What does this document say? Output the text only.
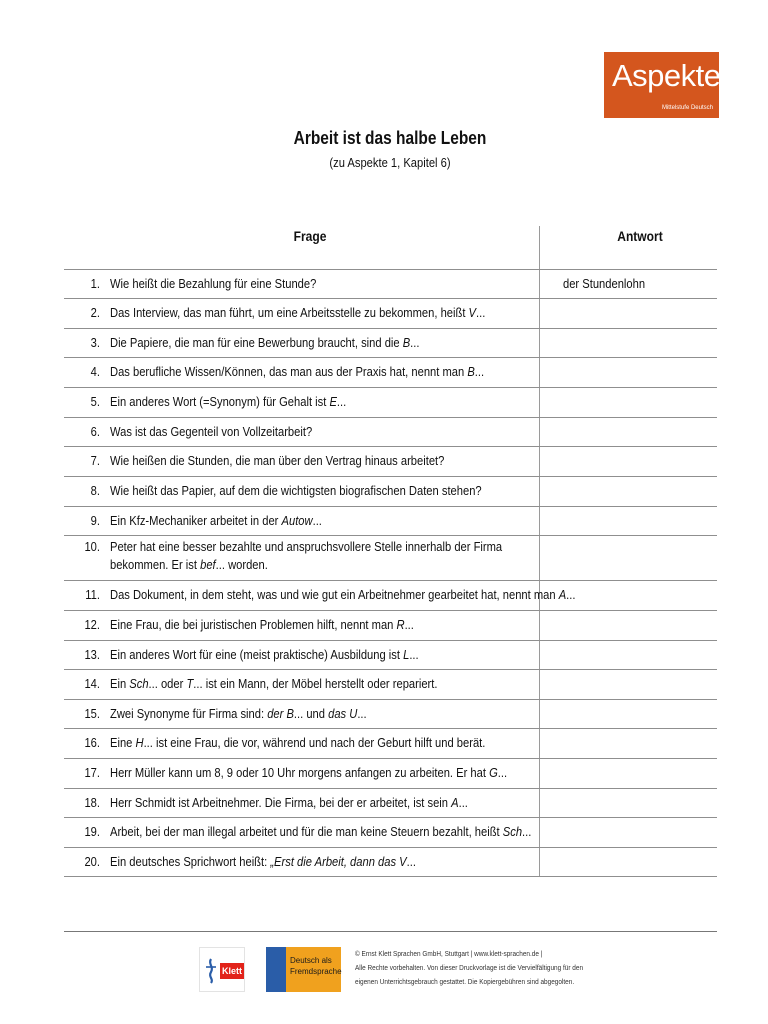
Aspekte
Mittelstufe Deutsch
Arbeit ist das halbe Leben
(zu Aspekte 1, Kapitel 6)
Frage	Antwort
1. Wie heißt die Bezahlung für eine Stunde?	der Stundenlohn
2. Das Interview, das man führt, um eine Arbeitsstelle zu bekommen, heißt V...
3. Die Papiere, die man für eine Bewerbung braucht, sind die B...
4. Das berufliche Wissen/Können, das man aus der Praxis hat, nennt man B...
5. Ein anderes Wort (=Synonym) für Gehalt ist E...
6. Was ist das Gegenteil von Vollzeitarbeit?
7. Wie heißen die Stunden, die man über den Vertrag hinaus arbeitet?
8. Wie heißt das Papier, auf dem die wichtigsten biografischen Daten stehen?
9. Ein Kfz-Mechaniker arbeitet in der Autow...
10. Peter hat eine besser bezahlte und anspruchsvollere Stelle innerhalb der Firma bekommen. Er ist bef... worden.
11. Das Dokument, in dem steht, was und wie gut ein Arbeitnehmer gearbeitet hat, nennt man A...
12. Eine Frau, die bei juristischen Problemen hilft, nennt man R...
13. Ein anderes Wort für eine (meist praktische) Ausbildung ist L...
14. Ein Sch... oder T... ist ein Mann, der Möbel herstellt oder repariert.
15. Zwei Synonyme für Firma sind: der B... und das U...
16. Eine H... ist eine Frau, die vor, während und nach der Geburt hilft und berät.
17. Herr Müller kann um 8, 9 oder 10 Uhr morgens anfangen zu arbeiten. Er hat G...
18. Herr Schmidt ist Arbeitnehmer. Die Firma, bei der er arbeitet, ist sein A...
19. Arbeit, bei der man illegal arbeitet und für die man keine Steuern bezahlt, heißt Sch...
20. Ein deutsches Sprichwort heißt: „Erst die Arbeit, dann das V...
Klett
Deutsch als
Fremdsprache
© Ernst Klett Sprachen GmbH, Stuttgart | www.klett-sprachen.de |
Alle Rechte vorbehalten. Von dieser Druckvorlage ist die Vervielfältigung für den
eigenen Unterrichtsgebrauch gestattet. Die Kopiergebühren sind abgegolten.
